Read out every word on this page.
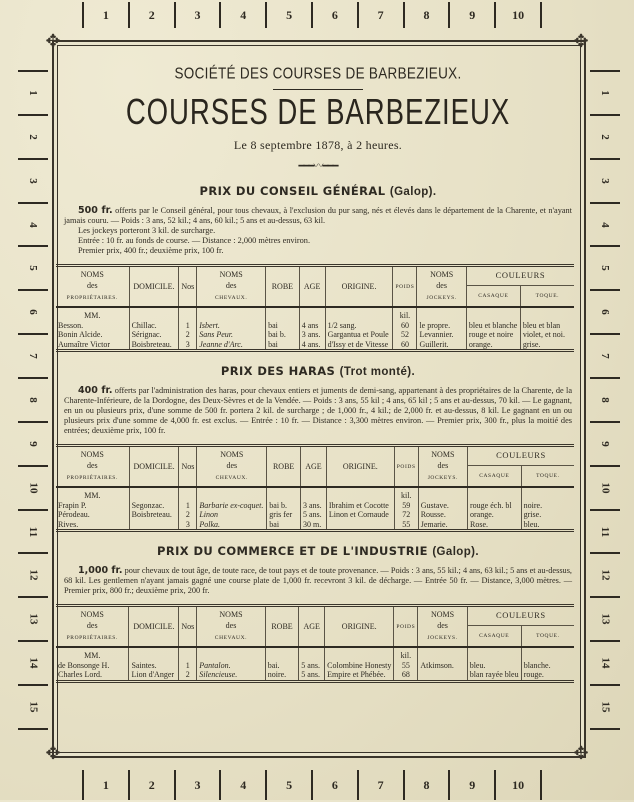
1	2	3	4	5	6	7	8	9	10
1	2	3	4	5	6	7	8	9	10
1
2
3
4
5
6
7
8
9
10
11
12
13
14
15
1
2
3
4
5
6
7
8
9
10
11
12
13
14
15
✥	✥
✥	✥
SOCIÉTÉ DES COURSES DE BARBEZIEUX.
COURSES DE BARBEZIEUX
Le 8 septembre 1878, à 2 heures.
━━━〰━━━
PRIX DU CONSEIL GÉNÉRAL (Galop).
500 fr. offerts par le Conseil général, pour tous chevaux, à l'exclusion du pur sang, nés et élevés dans le département de la Charente, et n'ayant jamais couru. — Poids : 3 ans, 52 kil.; 4 ans, 60 kil.; 5 ans et au-dessus, 63 kil.
Les jockeys porteront 3 kil. de surcharge.
Entrée : 10 fr. au fonds de course. — Distance : 2,000 mètres environ.
Premier prix, 400 fr.; deuxième prix, 100 fr.
NOMS
des
PROPRIÉTAIRES.	DOMICILE.	Nos	NOMS
des
CHEVAUX.	ROBE	AGE	ORIGINE.	POIDS	NOMS
des
JOCKEYS.	COULEURS	
									CASAQUE	TOQUE.
MM.							kil.			
Besson.	Chillac.	1	Isbert.	bai	4 ans	1/2 sang.	60	le propre.	bleu et blanche	bleu et blan
Bonin Alcide.	Sérignac.	2	Sans Peur.	bai b.	3 ans.	Gargantua et Poule	52	Levannier.	rouge et noire	violet, et noi.
Aumaître Victor	Boisbreteau.	3	Jeanne d'Arc.	bai	4 ans.	d'Issy et de Vitesse	60	Guillerit.	orange.	grise.
PRIX DES HARAS (Trot monté).
400 fr. offerts par l'administration des haras, pour chevaux entiers et juments de demi-sang, appartenant à des propriétaires de la Charente, de la Charente-Inférieure, de la Dordogne, des Deux-Sèvres et de la Vendée. — Poids : 3 ans, 55 kil ; 4 ans, 65 kil ; 5 ans et au-dessus, 70 kil. — Le gagnant, en un ou plusieurs prix, d'une somme de 500 fr. portera 2 kil. de surcharge ; de 1,000 fr., 4 kil.; de 2,000 fr. et au-dessus, 8 kil. Le gagnant en un ou plusieurs prix d'une somme de 4,000 fr. est exclus. — Entrée : 10 fr. — Distance : 3,300 mètres environ. — Premier prix, 300 fr., plus la moitié des entrées; deuxième prix, 100 fr.
NOMS
des
PROPRIÉTAIRES.	DOMICILE.	Nos	NOMS
des
CHEVAUX.	ROBE	AGE	ORIGINE.	POIDS	NOMS
des
JOCKEYS.	COULEURS	
									CASAQUE	TOQUE.
MM.							kil.			
Frapin P.	Segonzac.	1	Barbarie ex-coquet.	bai b.	3 ans.	Ibrahim et Cocotte	59	Gustave.	rouge éch. bl	noire.
Pérodeau.	Boisbreteau.	2	Linon	gris fer	5 ans.	Linon et Cornaude	72	Rousse.	orange.	grise.
Rives.		3	Polka.	bai	30 m.		55	Jemarie.	Rose.	bleu.
PRIX DU COMMERCE ET DE L'INDUSTRIE (Galop).
1,000 fr. pour chevaux de tout âge, de toute race, de tout pays et de toute provenance. — Poids : 3 ans, 55 kil.; 4 ans, 63 kil.; 5 ans et au-dessus, 68 kil. Les gentlemen n'ayant jamais gagné une course plate de 1,000 fr. recevront 3 kil. de décharge. — Entrée 50 fr. — Distance, 3,000 mètres. — Premier prix, 800 fr.; deuxième prix, 200 fr.
NOMS
des
PROPRIÉTAIRES.	DOMICILE.	Nos	NOMS
des
CHEVAUX.	ROBE	AGE	ORIGINE.	POIDS	NOMS
des
JOCKEYS.	COULEURS	
									CASAQUE	TOQUE.
MM.							kil.			
de Bonsonge H.	Saintes.	1	Pantalon.	bai.	5 ans.	Colombine Honesty	55	Atkimson.	bleu.	blanche.
Charles Lord.	Lion d'Anger	2	Silencieuse.	noire.	5 ans.	Empire et Phébée.	68		blan rayée bleu	rouge.
